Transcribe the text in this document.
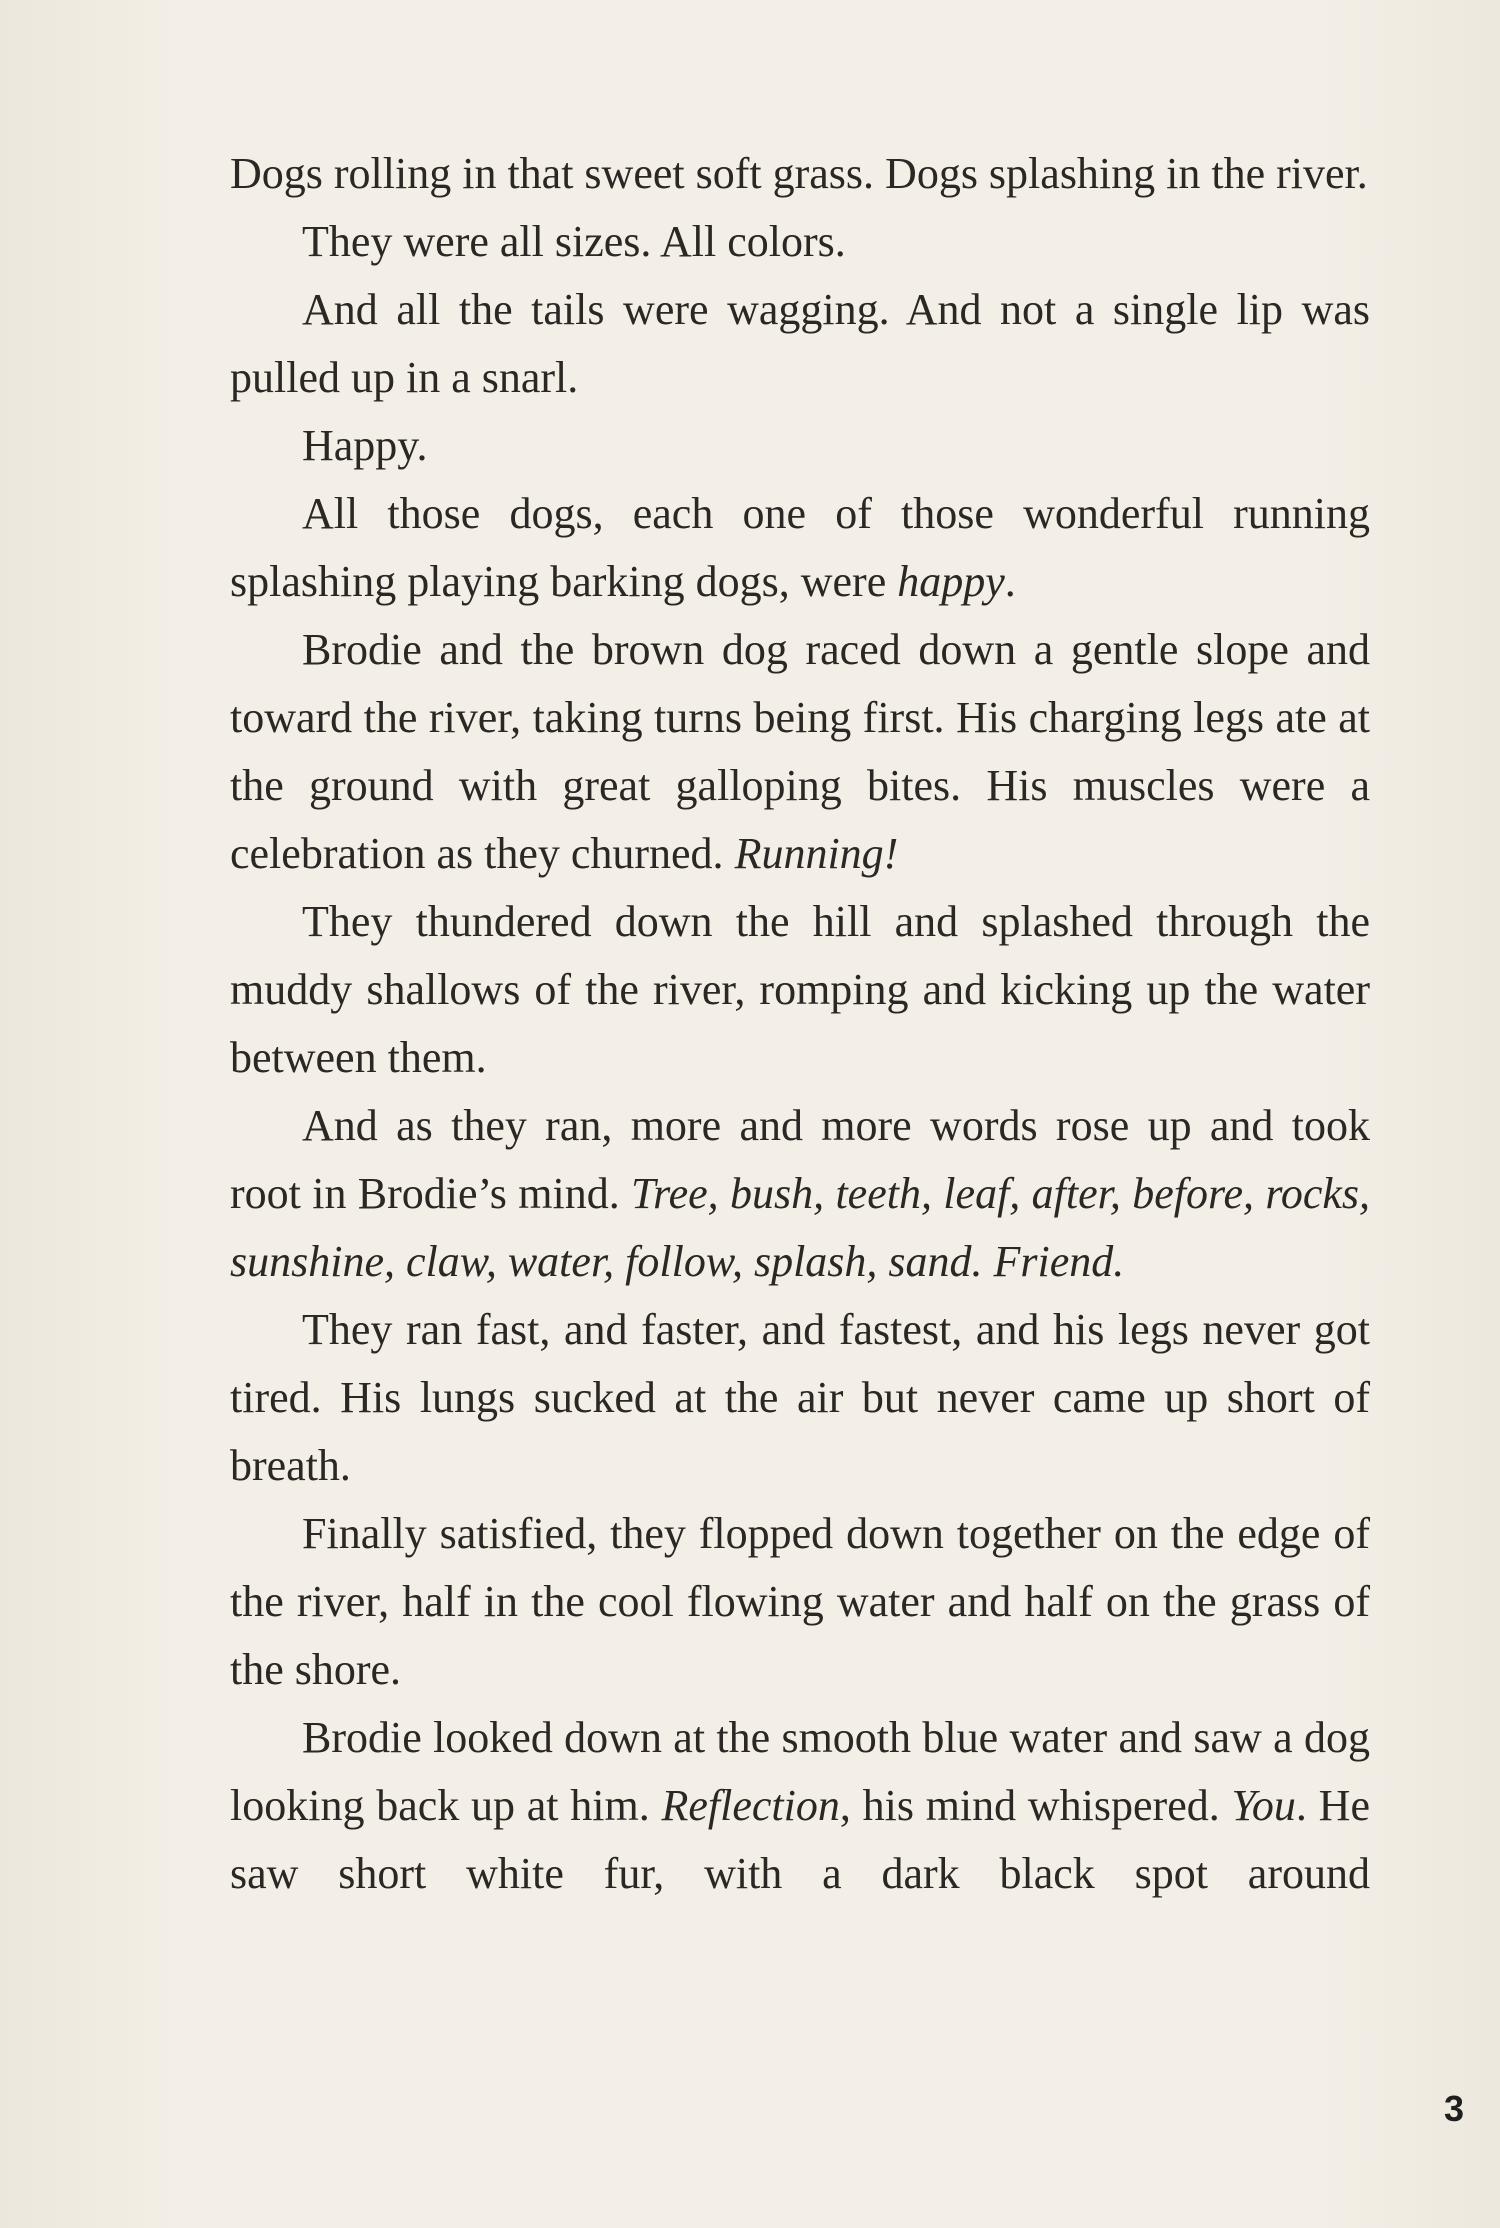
Dogs rolling in that sweet soft grass. Dogs splashing in the river.

They were all sizes. All colors.

And all the tails were wagging. And not a single lip was pulled up in a snarl.

Happy.

All those dogs, each one of those wonderful running splashing playing barking dogs, were happy.

Brodie and the brown dog raced down a gentle slope and toward the river, taking turns being first. His charging legs ate at the ground with great galloping bites. His muscles were a celebration as they churned. Running!

They thundered down the hill and splashed through the muddy shallows of the river, romping and kicking up the water between them.

And as they ran, more and more words rose up and took root in Brodie’s mind. Tree, bush, teeth, leaf, after, before, rocks, sunshine, claw, water, follow, splash, sand. Friend.

They ran fast, and faster, and fastest, and his legs never got tired. His lungs sucked at the air but never came up short of breath.

Finally satisfied, they flopped down together on the edge of the river, half in the cool flowing water and half on the grass of the shore.

Brodie looked down at the smooth blue water and saw a dog looking back up at him. Reflection, his mind whispered. You. He saw short white fur, with a dark black spot around

3
